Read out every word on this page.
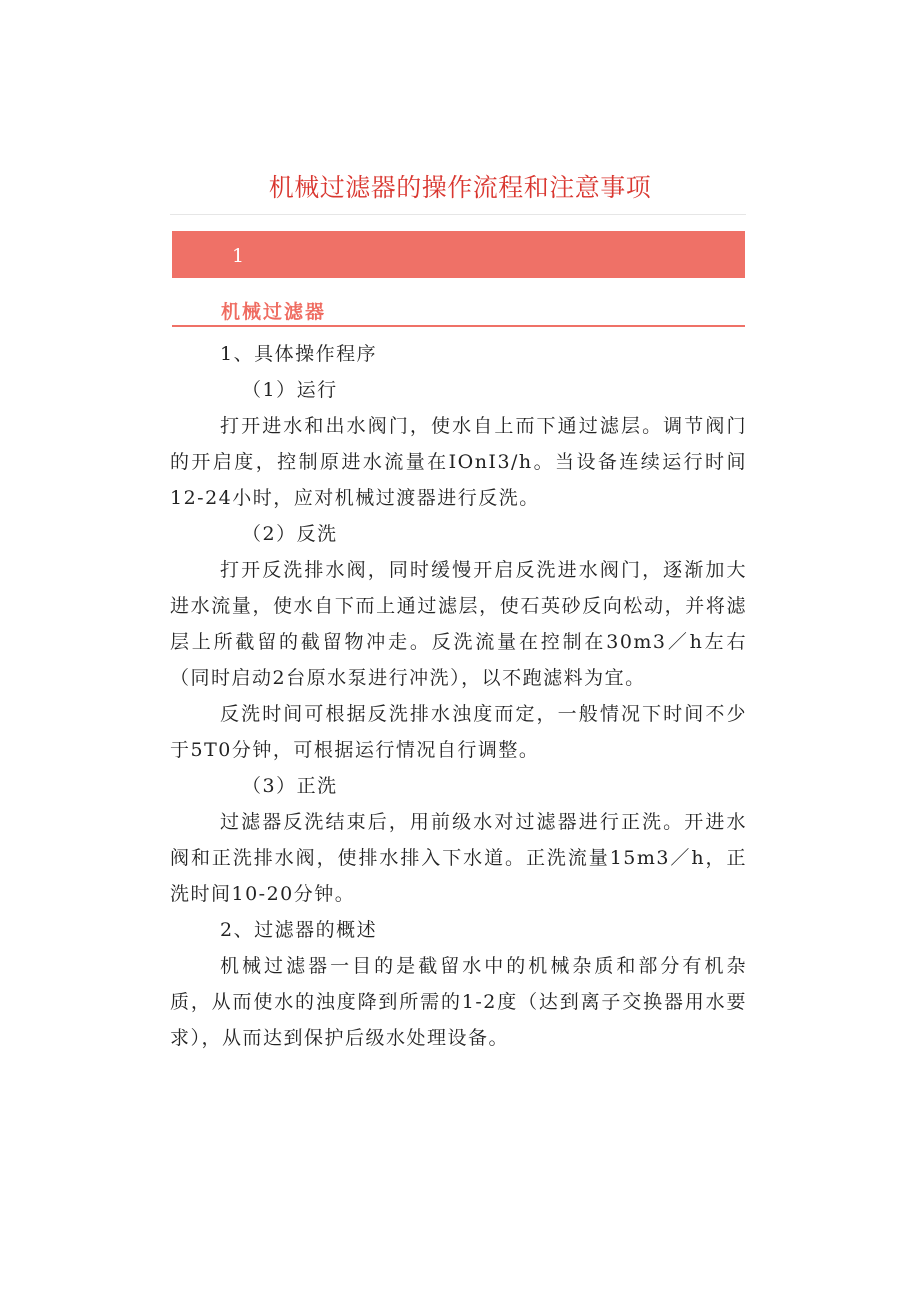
机械过滤器的操作流程和注意事项
1
机械过滤器

1、具体操作程序

（1）运行

打开进水和出水阀门，使水自上而下通过滤层。调节阀门的开启度，控制原进水流量在IOnI3/h。当设备连续运行时间12-24小时，应对机械过渡器进行反洗。

（2）反洗

打开反洗排水阀，同时缓慢开启反洗进水阀门，逐渐加大进水流量，使水自下而上通过滤层，使石英砂反向松动，并将滤层上所截留的截留物冲走。反洗流量在控制在30m3／h左右（同时启动2台原水泵进行冲洗），以不跑滤料为宜。

反洗时间可根据反洗排水浊度而定，一般情况下时间不少于5T0分钟，可根据运行情况自行调整。

（3）正洗

过滤器反洗结束后，用前级水对过滤器进行正洗。开进水阀和正洗排水阀，使排水排入下水道。正洗流量15m3／h，正洗时间10-20分钟。

2、过滤器的概述

机械过滤器一目的是截留水中的机械杂质和部分有机杂质，从而使水的浊度降到所需的1-2度（达到离子交换器用水要求），从而达到保护后级水处理设备。
